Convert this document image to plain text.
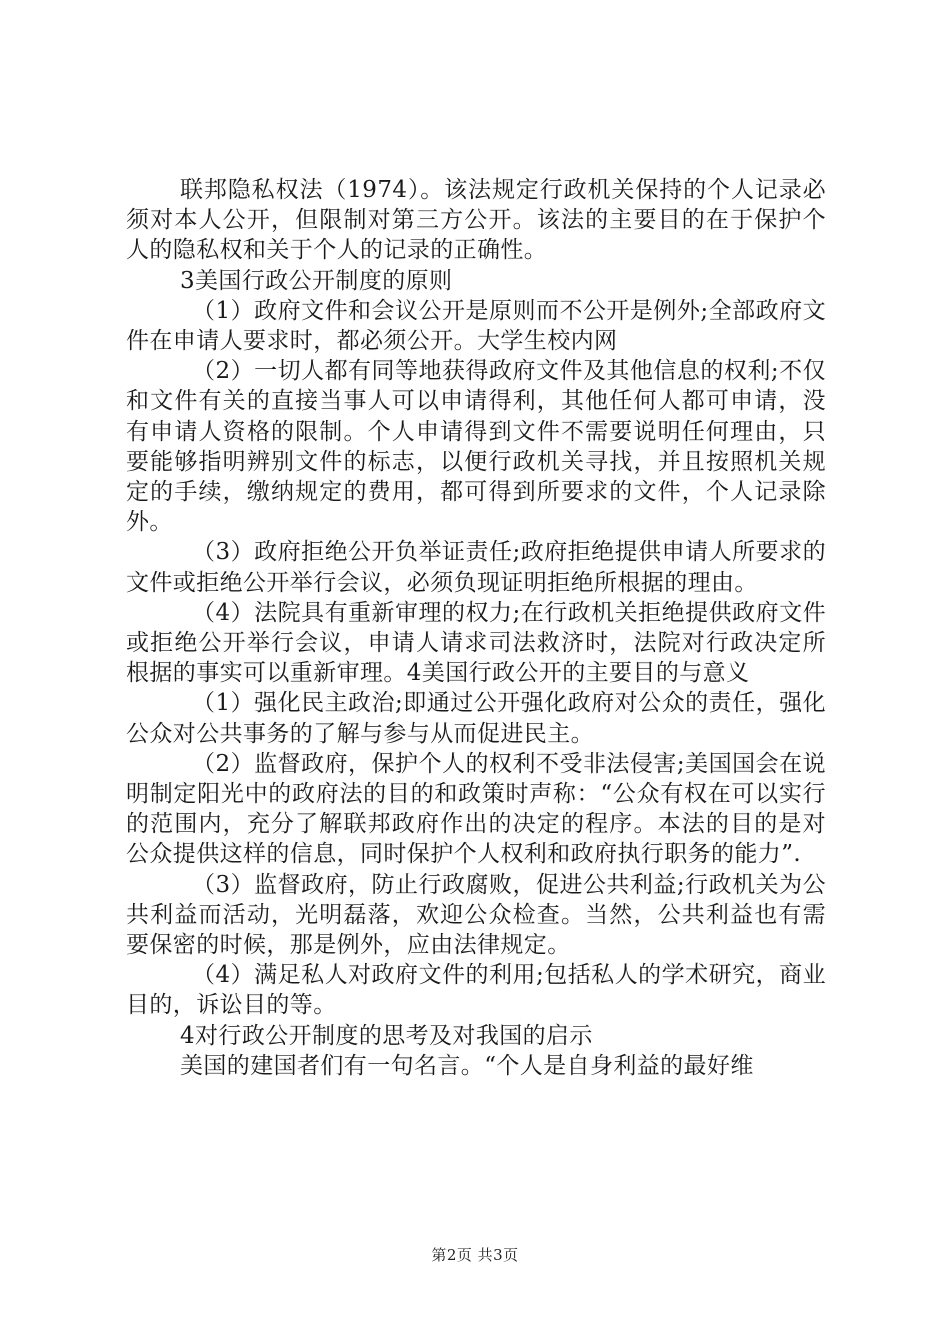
联邦隐私权法（1974）。该法规定行政机关保持的个人记录必须对本人公开，但限制对第三方公开。该法的主要目的在于保护个人的隐私权和关于个人的记录的正确性。

3美国行政公开制度的原则

（1）政府文件和会议公开是原则而不公开是例外;全部政府文件在申请人要求时，都必须公开。大学生校内网

（2）一切人都有同等地获得政府文件及其他信息的权利;不仅和文件有关的直接当事人可以申请得利，其他任何人都可申请，没有申请人资格的限制。个人申请得到文件不需要说明任何理由，只要能够指明辨别文件的标志，以便行政机关寻找，并且按照机关规定的手续，缴纳规定的费用，都可得到所要求的文件，个人记录除外。

（3）政府拒绝公开负举证责任;政府拒绝提供申请人所要求的文件或拒绝公开举行会议，必须负现证明拒绝所根据的理由。

（4）法院具有重新审理的权力;在行政机关拒绝提供政府文件或拒绝公开举行会议，申请人请求司法救济时，法院对行政决定所根据的事实可以重新审理。4美国行政公开的主要目的与意义

（1）强化民主政治;即通过公开强化政府对公众的责任，强化公众对公共事务的了解与参与从而促进民主。

（2）监督政府，保护个人的权利不受非法侵害;美国国会在说明制定阳光中的政府法的目的和政策时声称：“公众有权在可以实行的范围内，充分了解联邦政府作出的决定的程序。本法的目的是对公众提供这样的信息，同时保护个人权利和政府执行职务的能力”.

（3）监督政府，防止行政腐败，促进公共利益;行政机关为公共利益而活动，光明磊落，欢迎公众检查。当然，公共利益也有需要保密的时候，那是例外，应由法律规定。

（4）满足私人对政府文件的利用;包括私人的学术研究，商业目的，诉讼目的等。

4对行政公开制度的思考及对我国的启示

美国的建国者们有一句名言。“个人是自身利益的最好维

第2页 共3页
